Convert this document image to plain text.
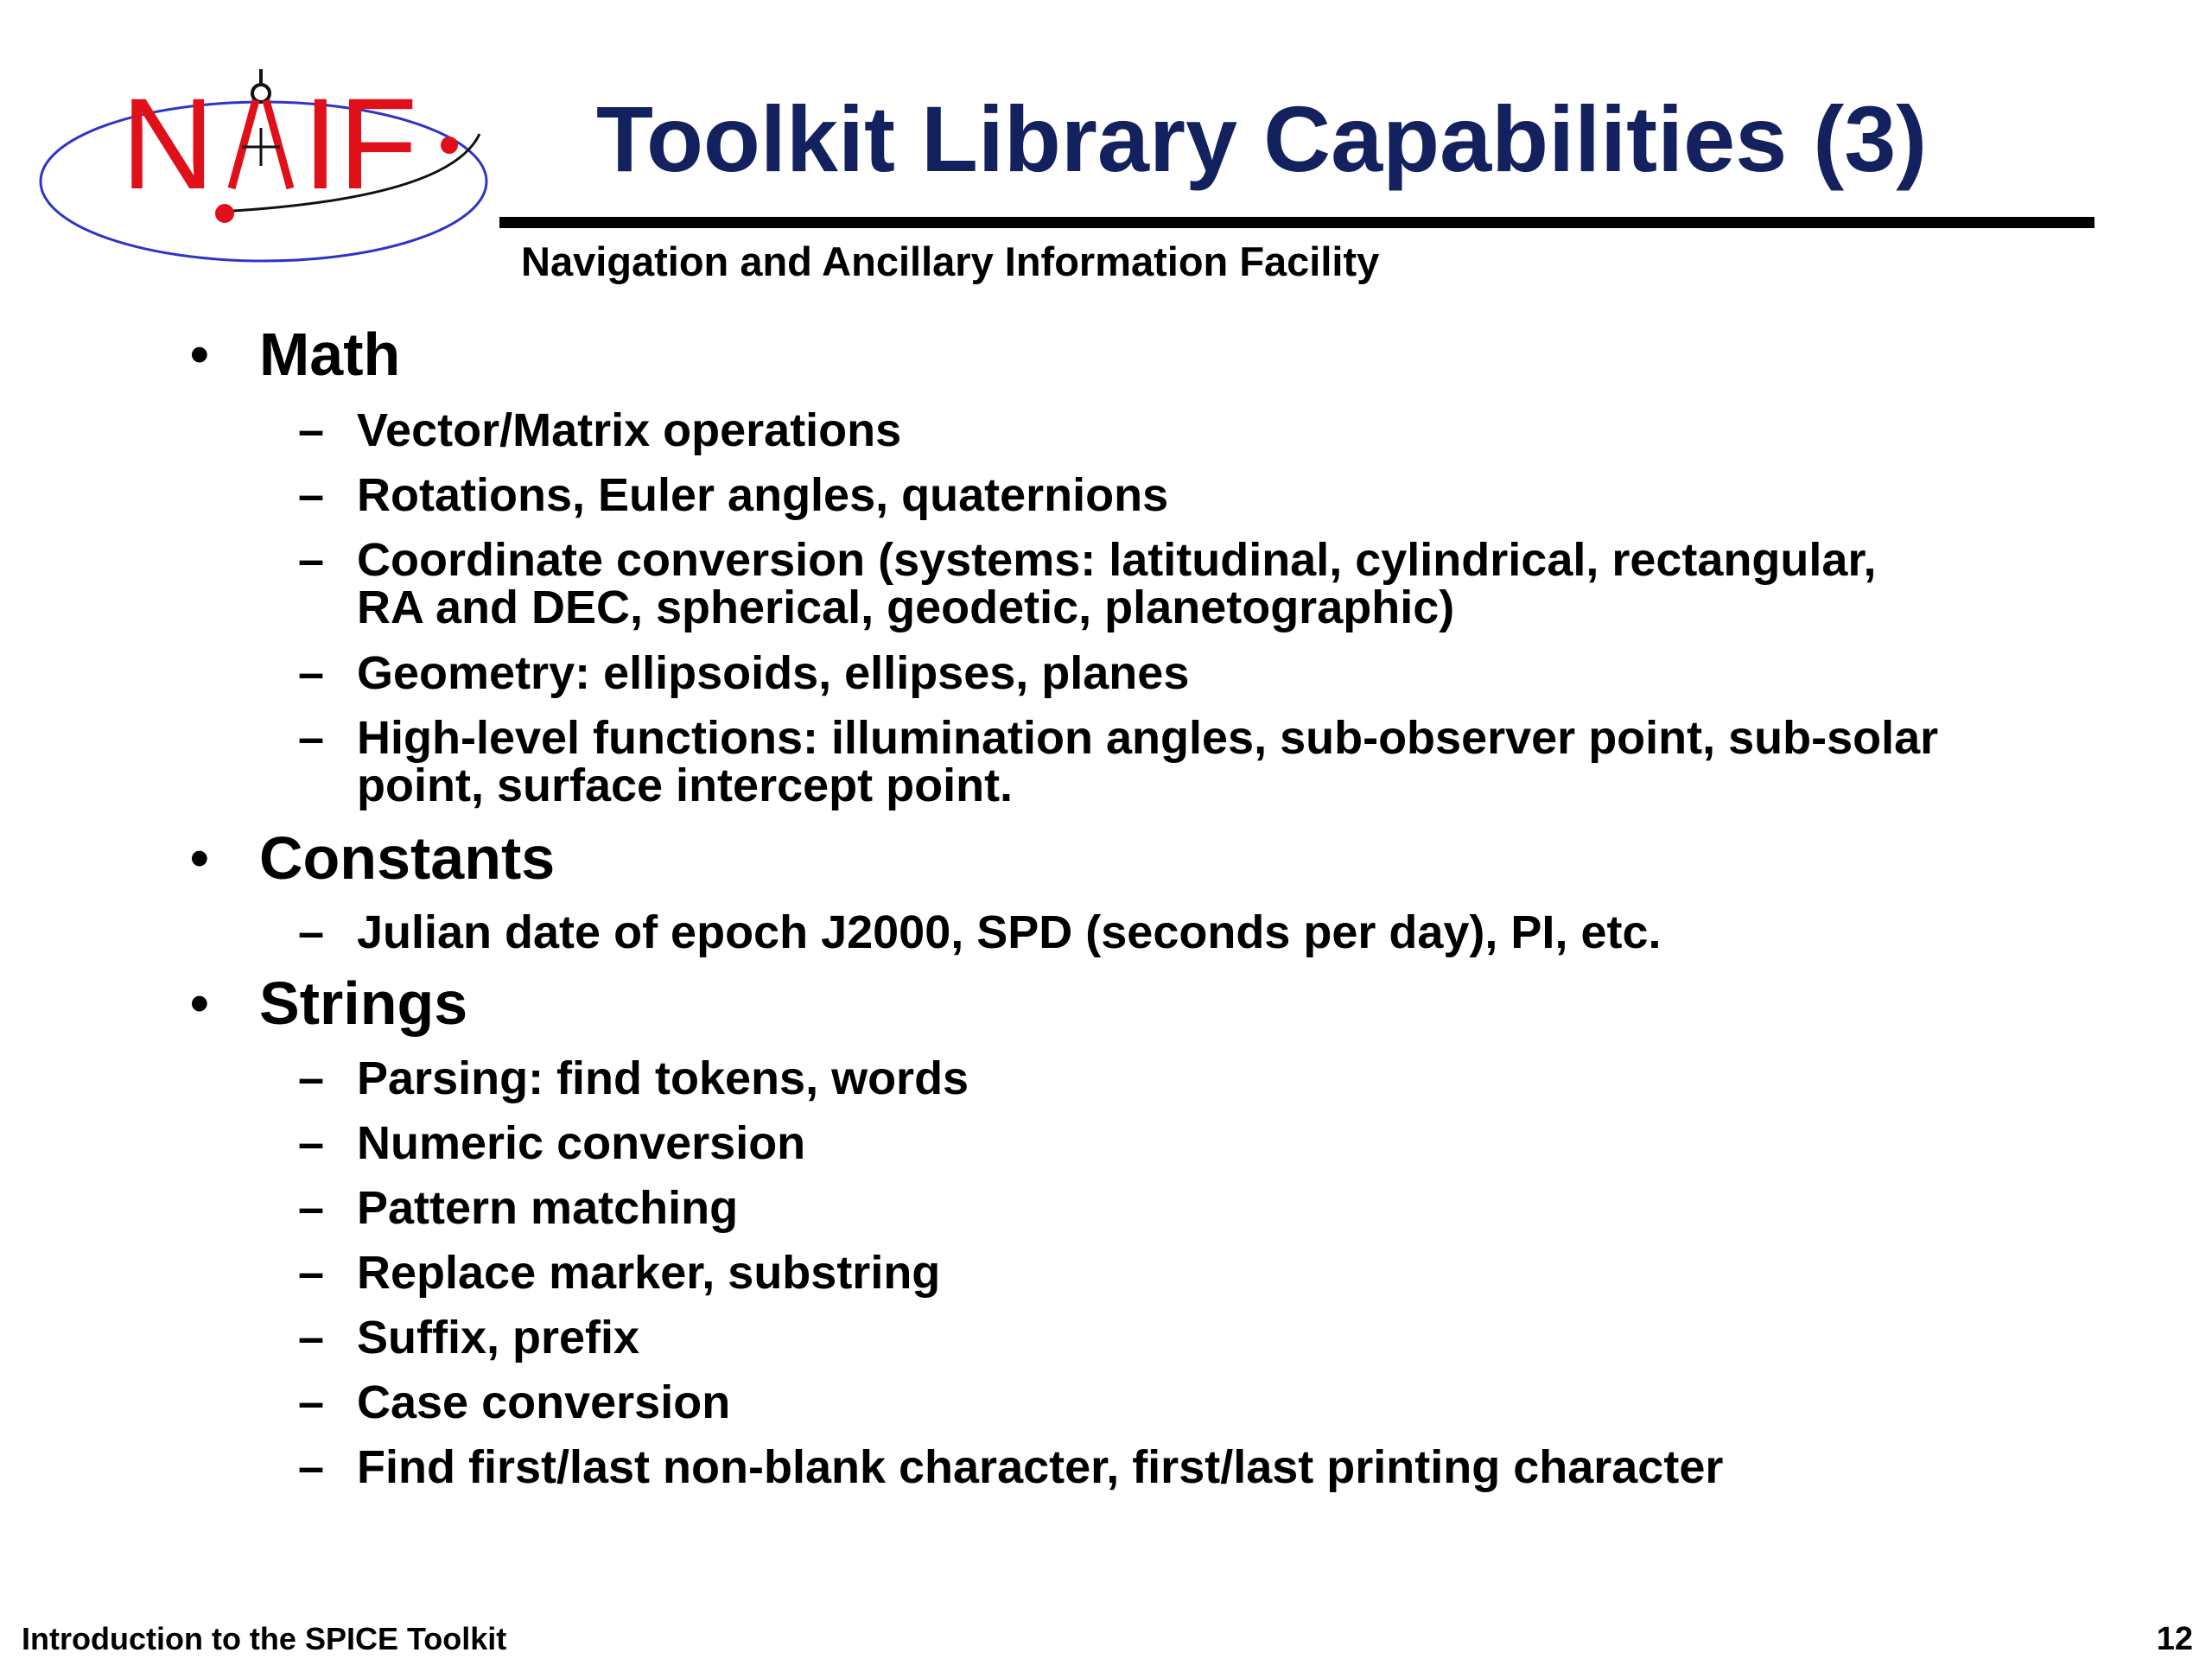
N IF Toolkit Library Capabilities (3)
Navigation and Ancillary Information Facility
• Math
– Vector/Matrix operations
– Rotations, Euler angles, quaternions
– Coordinate conversion (systems: latitudinal, cylindrical, rectangular,
RA and DEC, spherical, geodetic, planetographic)
– Geometry: ellipsoids, ellipses, planes
– High-level functions: illumination angles, sub-observer point, sub-solar
point, surface intercept point.
• Constants
– Julian date of epoch J2000, SPD (seconds per day), PI, etc.
• Strings
– Parsing: find tokens, words
– Numeric conversion
– Pattern matching
– Replace marker, substring
– Suffix, prefix
– Case conversion
– Find first/last non-blank character, first/last printing character
Introduction to the SPICE Toolkit	12
